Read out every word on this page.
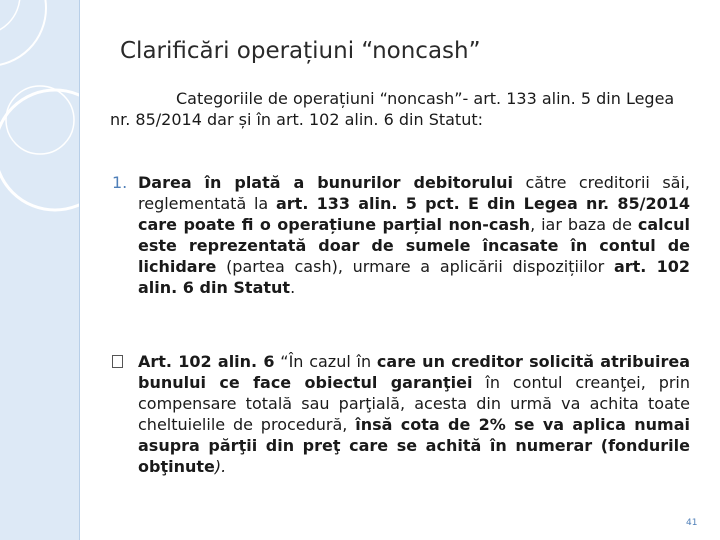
Clarificări operațiuni “noncash”

Categoriile de operațiuni “noncash”- art. 133 alin. 5 din Legea nr. 85/2014 dar și în art. 102 alin. 6 din Statut:

1. Darea în plată a bunurilor debitorului către creditorii săi, reglementată la art. 133 alin. 5 pct. E din Legea nr. 85/2014 care poate fi o operațiune parțial non-cash, iar baza de calcul este reprezentată doar de sumele încasate în contul de lichidare (partea cash), urmare a aplicării dispozițiilor art. 102 alin. 6 din Statut.

Art. 102 alin. 6 “În cazul în care un creditor solicită atribuirea bunului ce face obiectul garanţiei în contul creanţei, prin compensare totală sau parţială, acesta din urmă va achita toate cheltuielile de procedură, însă cota de 2% se va aplica numai asupra părţii din preţ care se achită în numerar (fondurile obţinute).

41
